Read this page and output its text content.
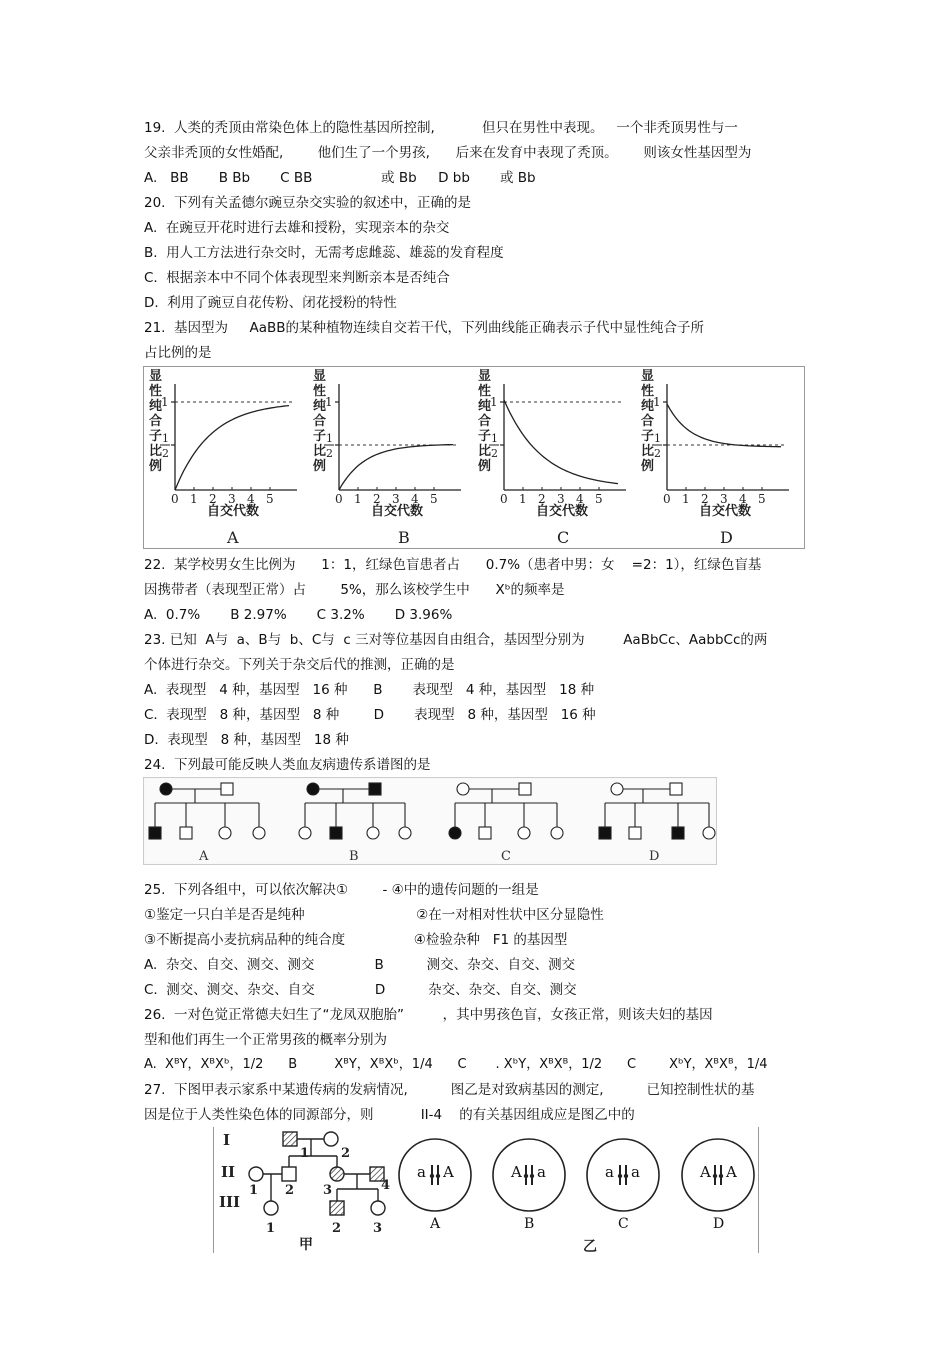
19.  人类的秃顶由常染色体上的隐性基因所控制,           但只在男性中表现。   一个非秃顶男性与一
父亲非秃顶的女性婚配,        他们生了一个男孩,      后来在发育中表现了秃顶。      则该女性基因型为
A.   BB       B Bb       C BB                或 Bb     D bb       或 Bb
20.  下列有关孟德尔豌豆杂交实验的叙述中，正确的是
A.  在豌豆开花时进行去雄和授粉，实现亲本的杂交
B.  用人工方法进行杂交时，无需考虑雌蕊、雄蕊的发育程度
C.  根据亲本中不同个体表现型来判断亲本是否纯合
D.  利用了豌豆自花传粉、闭花授粉的特性
21.  基因型为     AaBB的某种植物连续自交若干代，下列曲线能正确表示子代中显性纯合子所
占比例的是
显
性
纯
合
子
比
例
1
1
2
0 1 2 3 4 5
自交代数
A
显
性
纯
合
子
比
例
1
1
2
0 1 2 3 4 5
自交代数
B
显
性
纯
合
子
比
例
1
1
2
0 1 2 3 4 5
自交代数
C
显
性
纯
合
子
比
例
1
1
2
0 1 2 3 4 5
自交代数
D
22.  某学校男女生比例为      1：1，红绿色盲患者占      0.7%（患者中男：女    =2：1），红绿色盲基
因携带者（表现型正常）占        5%，那么该校学生中      Xᵇ的频率是
A.  0.7%       B 2.97%       C 3.2%       D 3.96%
23. 已知  A与  a、B与  b、C与  c 三对等位基因自由组合，基因型分别为         AaBbCc、AabbCc的两
个体进行杂交。下列关于杂交后代的推测，正确的是
A.  表现型   4 种，基因型   16 种      B       表现型   4 种，基因型   18 种
C.  表现型   8 种，基因型   8 种        D       表现型   8 种，基因型   16 种
D.  表现型   8 种，基因型   18 种
24.  下列最可能反映人类血友病遗传系谱图的是
A	B	C	D
25.  下列各组中，可以依次解决①        - ④中的遗传问题的一组是
①鉴定一只白羊是否是纯种                          ②在一对相对性状中区分显隐性
③不断提高小麦抗病品种的纯合度                ④检验杂种   F1 的基因型
A.  杂交、自交、测交、测交              B          测交、杂交、自交、测交
C.  测交、测交、杂交、自交              D          杂交、杂交、自交、测交
26.  一对色觉正常德夫妇生了“龙凤双胞胎”         ，其中男孩色盲，女孩正常，则该夫妇的基因
型和他们再生一个正常男孩的概率分别为
A.  XᴮY，XᴮXᵇ，1/2      B         XᴮY，XᴮXᵇ，1/4      C       . XᵇY，XᴮXᴮ，1/2      C        XᵇY，XᴮXᴮ，1/4
27.  下图甲表示家系中某遗传病的发病情况,          图乙是对致病基因的测定,          已知控制性状的基
因是位于人类性染色体的同源部分，则           II-4    的有关基因组成应是图乙中的
I
II
III
1 2
1 2 3	4
1	2 3
甲
a A
A
A a
B
a a
C
A A
D
乙
